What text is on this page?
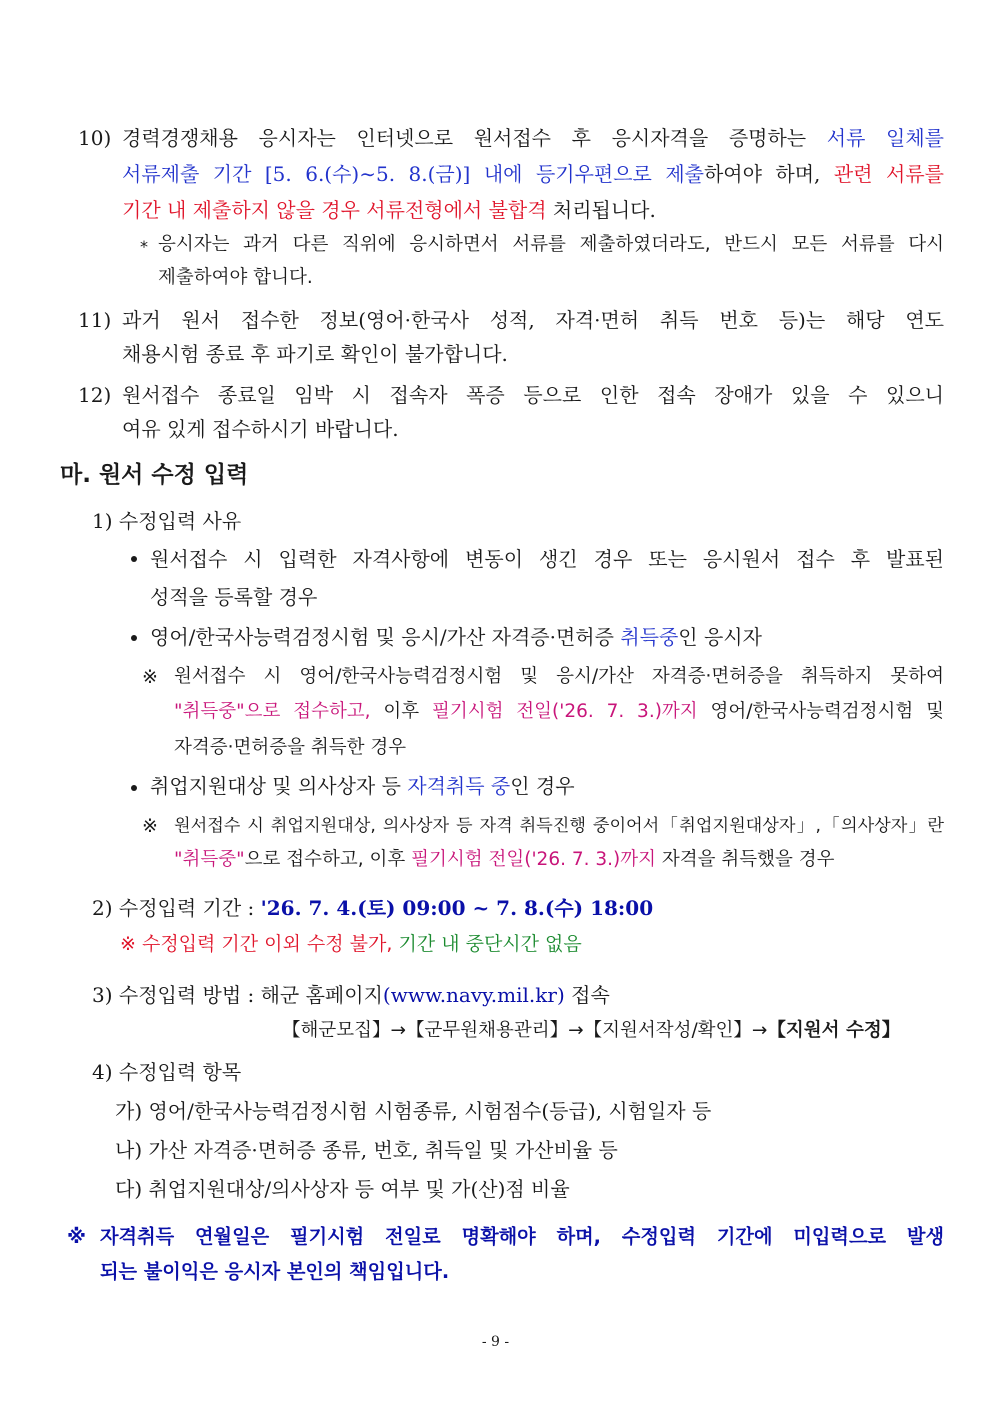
10) 경력경쟁채용 응시자는 인터넷으로 원서접수 후 응시자격을 증명하는 서류 일체를
서류제출 기간 [5. 6.(수)∼5. 8.(금)] 내에 등기우편으로 제출하여야 하며, 관련 서류를
기간 내 제출하지 않을 경우 서류전형에서 불합격 처리됩니다.
* 응시자는 과거 다른 직위에 응시하면서 서류를 제출하였더라도, 반드시 모든 서류를 다시
제출하여야 합니다.
11) 과거 원서 접수한 정보(영어·한국사 성적, 자격·면허 취득 번호 등)는 해당 연도
채용시험 종료 후 파기로 확인이 불가합니다.
12) 원서접수 종료일 임박 시 접속자 폭증 등으로 인한 접속 장애가 있을 수 있으니
여유 있게 접수하시기 바랍니다.
마. 원서 수정 입력
1) 수정입력 사유
원서접수 시 입력한 자격사항에 변동이 생긴 경우 또는 응시원서 접수 후 발표된
성적을 등록할 경우
영어/한국사능력검정시험 및 응시/가산 자격증·면허증 취득중인 응시자
※ 원서접수 시 영어/한국사능력검정시험 및 응시/가산 자격증·면허증을 취득하지 못하여
"취득중"으로 접수하고, 이후 필기시험 전일('26. 7. 3.)까지 영어/한국사능력검정시험 및
자격증·면허증을 취득한 경우
취업지원대상 및 의사상자 등 자격취득 중인 경우
※ 원서접수 시 취업지원대상, 의사상자 등 자격 취득진행 중이어서「취업지원대상자」,「의사상자」란
"취득중"으로 접수하고, 이후 필기시험 전일('26. 7. 3.)까지 자격을 취득했을 경우
2) 수정입력 기간 : '26. 7. 4.(토) 09:00 ~ 7. 8.(수) 18:00
※ 수정입력 기간 이외 수정 불가, 기간 내 중단시간 없음
3) 수정입력 방법 : 해군 홈페이지(www.navy.mil.kr) 접속
【해군모집】→【군무원채용관리】→【지원서작성/확인】→【지원서 수정】
4) 수정입력 항목
가) 영어/한국사능력검정시험 시험종류, 시험점수(등급), 시험일자 등
나) 가산 자격증·면허증 종류, 번호, 취득일 및 가산비율 등
다) 취업지원대상/의사상자 등 여부 및 가(산)점 비율
※ 자격취득 연월일은 필기시험 전일로 명확해야 하며, 수정입력 기간에 미입력으로 발생
되는 불이익은 응시자 본인의 책임입니다.
- 9 -
